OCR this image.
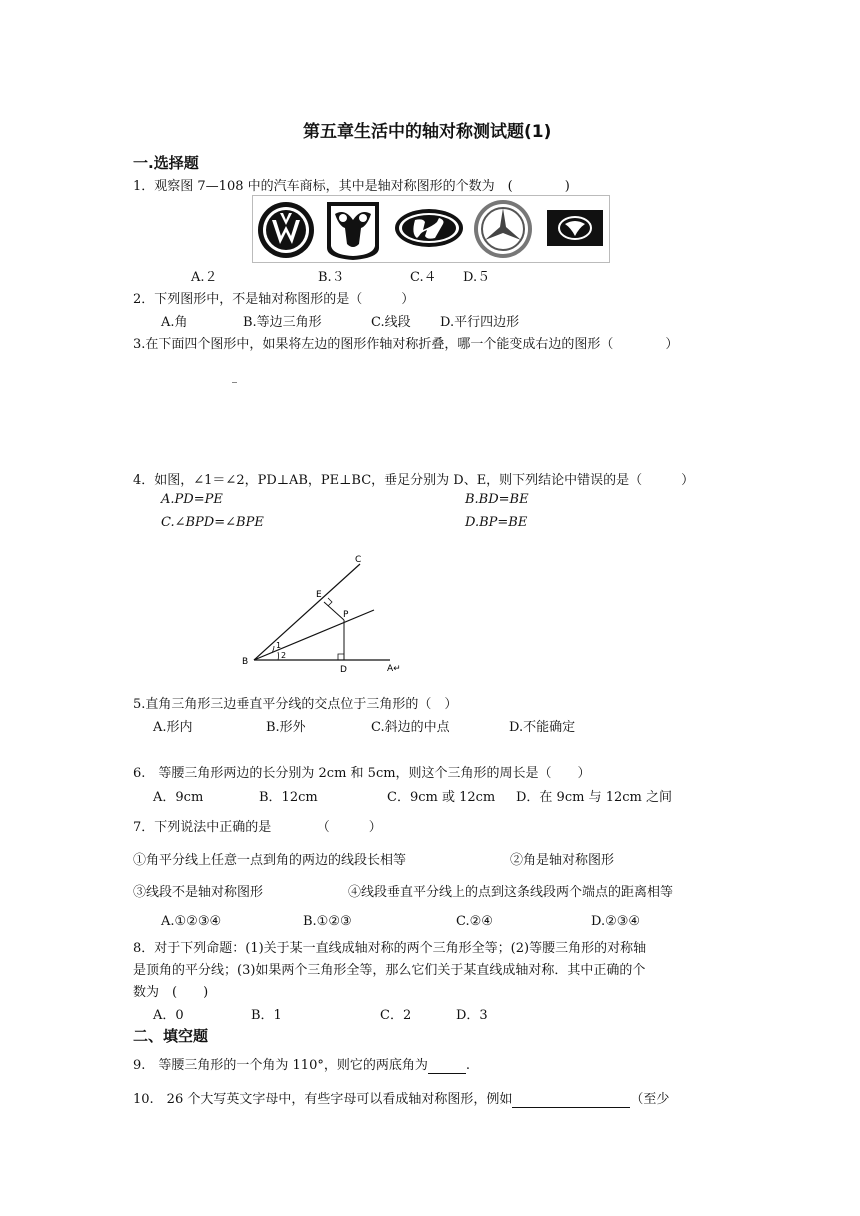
第五章生活中的轴对称测试题(1)
一.选择题
1．观察图 7—108 中的汽车商标，其中是轴对称图形的个数为　(　　　　)
A.２	B.３	C.４ D.５
2．下列图形中，不是轴对称图形的是（　　　）
A.角	B.等边三角形	C.线段 D.平行四边形
3.在下面四个图形中，如果将左边的图形作轴对称折叠，哪一个能变成右边的图形（　　　　）
4．如图，∠1＝∠2，PD⊥AB，PE⊥BC，垂足分别为 D、E，则下列结论中错误的是（　　　）
A.PD=PE	B.BD=BE
C.∠BPD=∠BPE	D.BP=BE
C
E
P
B
1
2
D	A↵
5.直角三角形三边垂直平分线的交点位于三角形的（　）
A.形内	B.形外	C.斜边的中点	D.不能确定
6.　等腰三角形两边的长分别为 2cm 和 5cm，则这个三角形的周长是（　　）
A．9cm	B．12cm	C．9cm 或 12cm D．在 9cm 与 12cm 之间
7．下列说法中正确的是　　　　（　　　）
①角平分线上任意一点到角的两边的线段长相等	②角是轴对称图形
③线段不是轴对称图形	④线段垂直平分线上的点到这条线段两个端点的距离相等
A.①②③④	B.①②③	C.②④	D.②③④
8．对于下列命题：(1)关于某一直线成轴对称的两个三角形全等；(2)等腰三角形的对称轴
是顶角的平分线；(3)如果两个三角形全等，那么它们关于某直线成轴对称．其中正确的个
数为　(　　)
A．0	B．1	C．2	D．3
二、填空题
9.　等腰三角形的一个角为 110°，则它的两底角为	.
10.　26 个大写英文字母中，有些字母可以看成轴对称图形，例如	（至少
